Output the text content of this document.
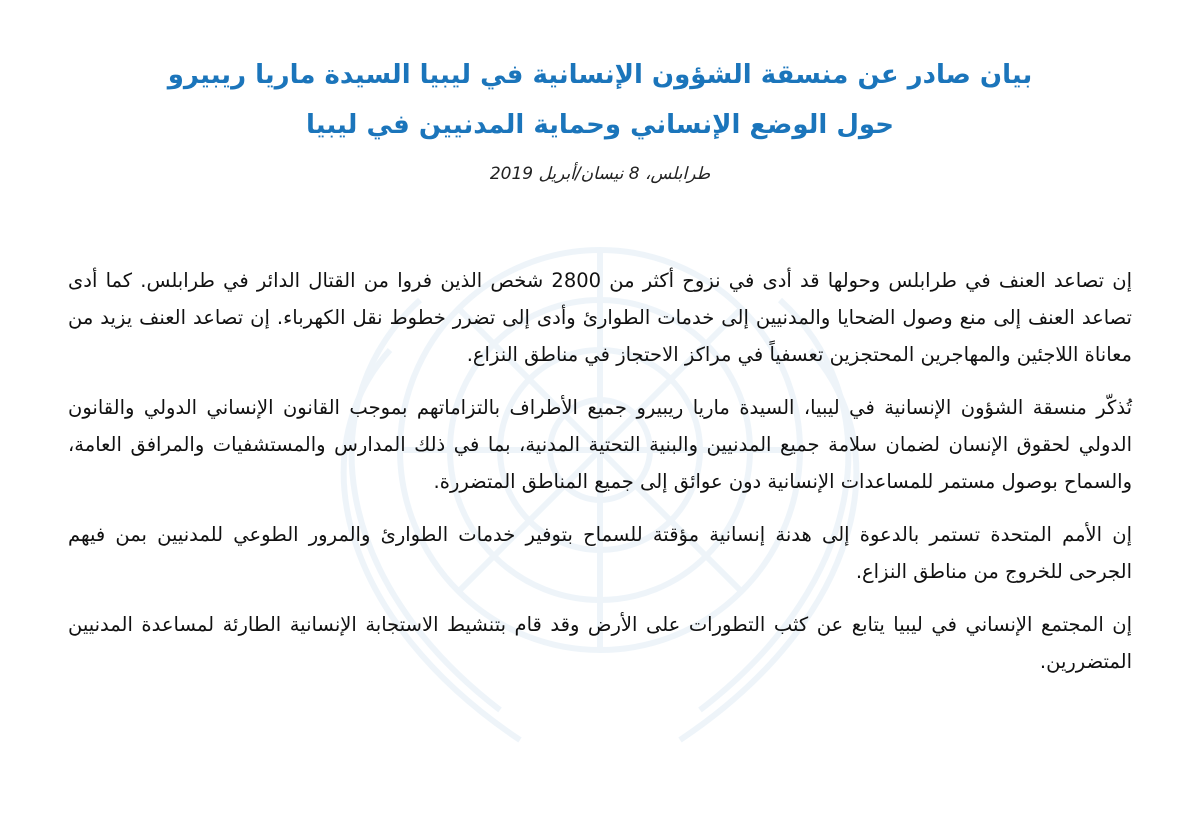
بيان صادر عن منسقة الشؤون الإنسانية في ليبيا السيدة ماريا ريبيرو
حول الوضع الإنساني وحماية المدنيين في ليبيا

طرابلس، 8 نيسان/أبريل 2019

إن تصاعد العنف في طرابلس وحولها قد أدى في نزوح أكثر من 2800 شخص الذين فروا من القتال الدائر في طرابلس. كما أدى تصاعد العنف إلى منع وصول الضحايا والمدنيين إلى خدمات الطوارئ وأدى إلى تضرر خطوط نقل الكهرباء. إن تصاعد العنف يزيد من معاناة اللاجئين والمهاجرين المحتجزين تعسفياً في مراكز الاحتجاز في مناطق النزاع.

تُذكّر منسقة الشؤون الإنسانية في ليبيا، السيدة ماريا ريبيرو جميع الأطراف بالتزاماتهم بموجب القانون الإنساني الدولي والقانون الدولي لحقوق الإنسان لضمان سلامة جميع المدنيين والبنية التحتية المدنية، بما في ذلك المدارس والمستشفيات والمرافق العامة، والسماح بوصول مستمر للمساعدات الإنسانية دون عوائق إلى جميع المناطق المتضررة.

إن الأمم المتحدة تستمر بالدعوة إلى هدنة إنسانية مؤقتة للسماح بتوفير خدمات الطوارئ والمرور الطوعي للمدنيين بمن فيهم الجرحى للخروج من مناطق النزاع.

إن المجتمع الإنساني في ليبيا يتابع عن كثب التطورات على الأرض وقد قام بتنشيط الاستجابة الإنسانية الطارئة لمساعدة المدنيين المتضررين.
